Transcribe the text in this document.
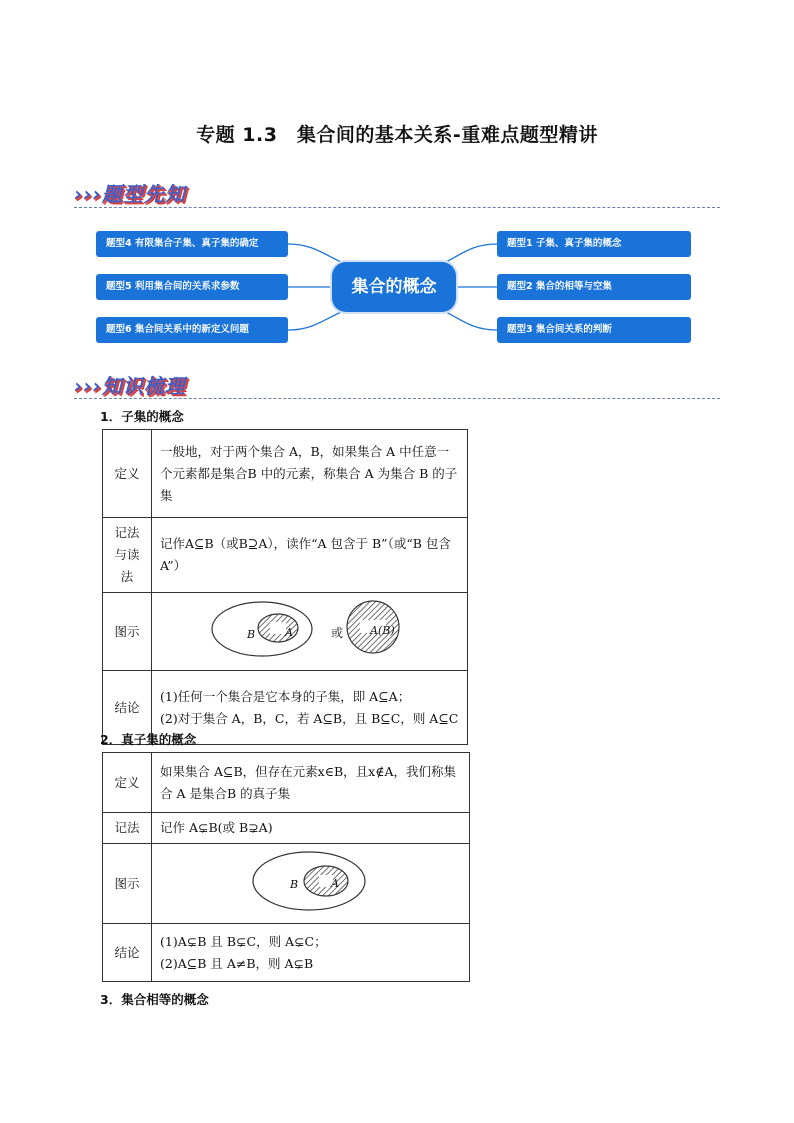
专题 1.3　集合间的基本关系-重难点题型精讲
›››题型先知
题型4 有限集合子集、真子集的确定
题型5 利用集合间的关系求参数
题型6 集合间关系中的新定义问题
题型1 子集、真子集的概念
题型2 集合的相等与空集
题型3 集合间关系的判断
集合的概念
›››知识梳理
1．子集的概念
定义	一般地，对于两个集合 A，B，如果集合 A 中任意一个元素都是集合B 中的元素，称集合 A 为集合 B 的子集
记法与读法	记作A⊆B（或B⊇A），读作“A 包含于 B”（或“B 包含A”）
图示	B A 或 A(B)

结论	(1)任何一个集合是它本身的子集，即 A⊆A；
(2)对于集合 A，B，C，若 A⊆B，且 B⊆C，则 A⊆C
2．真子集的概念
定义	如果集合 A⊆B，但存在元素x∈B，且x∉A，我们称集合 A 是集合B 的真子集
记法	记作 A⊊B(或 B⊋A)
图示	B A

结论	(1)A⊊B 且 B⊊C，则 A⊊C；
(2)A⊆B 且 A≠B，则 A⊊B
3．集合相等的概念
